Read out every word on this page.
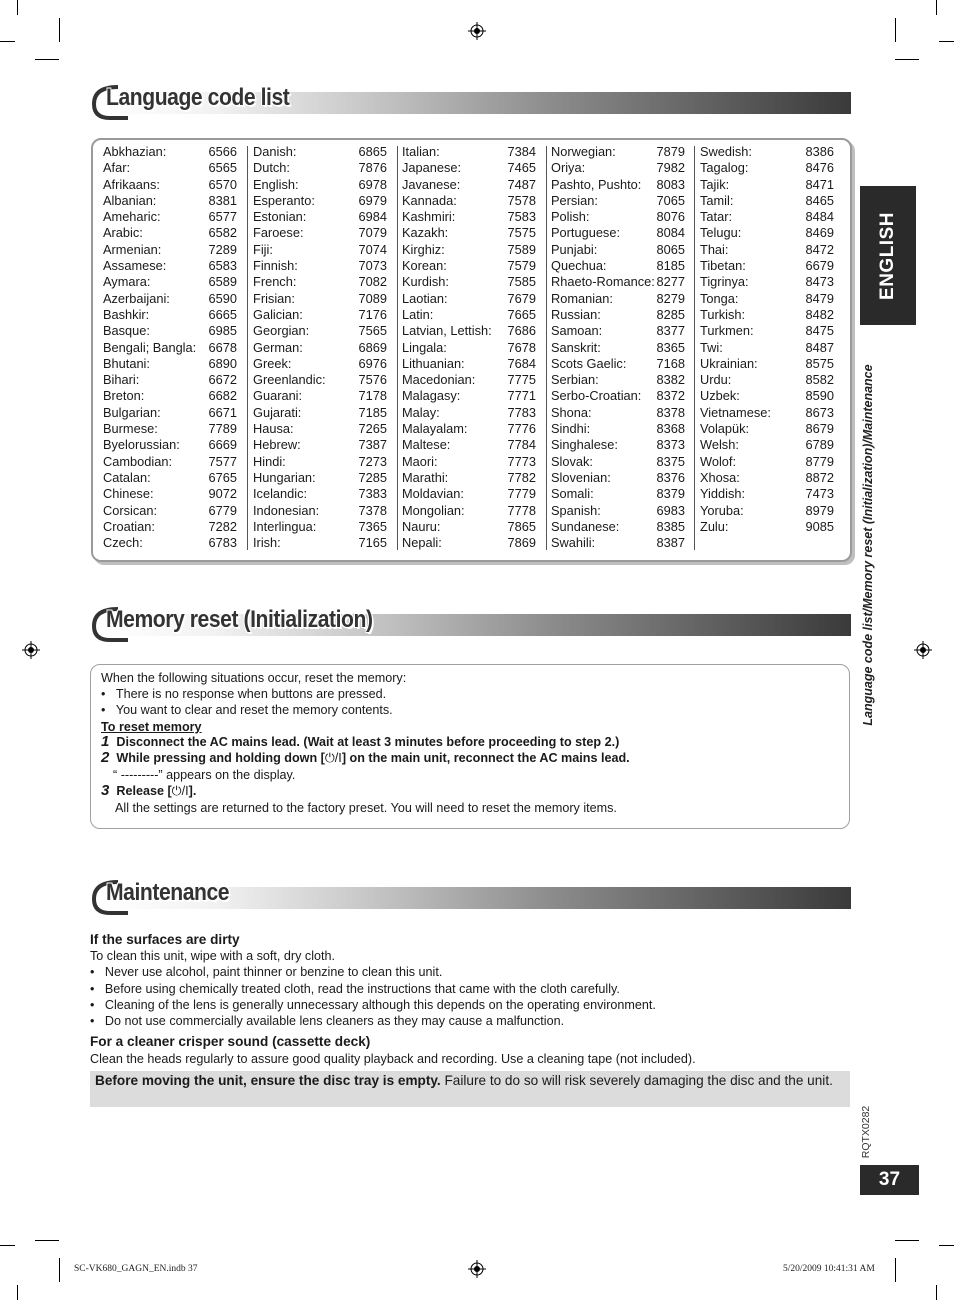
Language code list
Abkhazian:	6566
Afar:	6565
Afrikaans:	6570
Albanian:	8381
Ameharic:	6577
Arabic:	6582
Armenian:	7289
Assamese:	6583
Aymara:	6589
Azerbaijani:	6590
Bashkir:	6665
Basque:	6985
Bengali; Bangla: 6678
Bhutani:	6890
Bihari:	6672
Breton:	6682
Bulgarian:	6671
Burmese:	7789
Byelorussian: 6669
Cambodian:	7577
Catalan:	6765
Chinese:	9072
Corsican:	6779
Croatian:	7282
Czech:	6783
Danish:	6865
Dutch:	7876
English:	6978
Esperanto:	6979
Estonian:	6984
Faroese:	7079
Fiji:	7074
Finnish:	7073
French:	7082
Frisian:	7089
Galician:	7176
Georgian:	7565
German:	6869
Greek:	6976
Greenlandic:	7576
Guarani:	7178
Gujarati:	7185
Hausa:	7265
Hebrew:	7387
Hindi:	7273
Hungarian:	7285
Icelandic:	7383
Indonesian:	7378
Interlingua:	7365
Irish:	7165
Italian:	7384
Japanese:	7465
Javanese:	7487
Kannada:	7578
Kashmiri:	7583
Kazakh:	7575
Kirghiz:	7589
Korean:	7579
Kurdish:	7585
Laotian:	7679
Latin:	7665
Latvian, Lettish: 7686
Lingala:	7678
Lithuanian:	7684
Macedonian:	7775
Malagasy:	7771
Malay:	7783
Malayalam:	7776
Maltese:	7784
Maori:	7773
Marathi:	7782
Moldavian:	7779
Mongolian:	7778
Nauru:	7865
Nepali:	7869
Norwegian:	7879
Oriya:	7982
Pashto, Pushto: 8083
Persian:	7065
Polish:	8076
Portuguese:	8084
Punjabi:	8065
Quechua:	8185
Rhaeto-Romance: 8277
Romanian:	8279
Russian:	8285
Samoan:	8377
Sanskrit:	8365
Scots Gaelic: 7168
Serbian:	8382
Serbo-Croatian: 8372
Shona:	8378
Sindhi:	8368
Singhalese:	8373
Slovak:	8375
Slovenian:	8376
Somali:	8379
Spanish:	6983
Sundanese:	8385
Swahili:	8387
Swedish:	8386
Tagalog:	8476
Tajik:	8471
Tamil:	8465
Tatar:	8484
Telugu:	8469
Thai:	8472
Tibetan:	6679
Tigrinya:	8473
Tonga:	8479
Turkish:	8482
Turkmen:	8475
Twi:	8487
Ukrainian:	8575
Urdu:	8582
Uzbek:	8590
Vietnamese:	8673
Volapük:	8679
Welsh:	6789
Wolof:	8779
Xhosa:	8872
Yiddish:	7473
Yoruba:	8979
Zulu:	9085
Memory reset (Initialization)
When the following situations occur, reset the memory:
•   There is no response when buttons are pressed.
•   You want to clear and reset the memory contents.
To reset memory
1 Disconnect the AC mains lead. (Wait at least 3 minutes before proceeding to step 2.)
2 While pressing and holding down [⏻/I] on the main unit, reconnect the AC mains lead.
“ ---------” appears on the display.
3 Release [⏻/I].
All the settings are returned to the factory preset. You will need to reset the memory items.
Maintenance
If the surfaces are dirty
To clean this unit, wipe with a soft, dry cloth.
•   Never use alcohol, paint thinner or benzine to clean this unit.
•   Before using chemically treated cloth, read the instructions that came with the cloth carefully.
•   Cleaning of the lens is generally unnecessary although this depends on the operating environment.
•   Do not use commercially available lens cleaners as they may cause a malfunction.
For a cleaner crisper sound (cassette deck)
Clean the heads regularly to assure good quality playback and recording. Use a cleaning tape (not included).

Before moving the unit, ensure the disc tray is empty. Failure to do so will risk severely damaging the disc and the unit.

ENGLISH
Language code list/Memory reset (Initialization)/Maintenance
RQTX0282
37
SC-VK680_GAGN_EN.indb 37	5/20/2009 10:41:31 AM
